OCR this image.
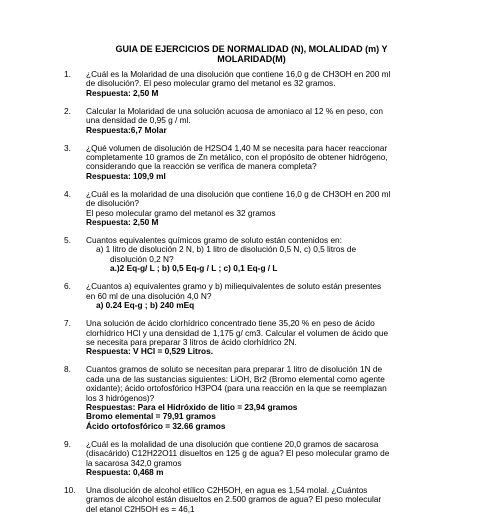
GUIA DE EJERCICIOS DE NORMALIDAD (N), MOLALIDAD (m) Y
MOLARIDAD(M)
1. ¿Cuál es la Molaridad de una disolución que contiene 16,0 g de CH3OH en 200 ml
de disolución?. El peso molecular gramo del metanol es 32 gramos.
Respuesta: 2,50 M
2. Calcular la Molaridad de una solución acuosa de amoniaco al 12 % en peso, con
una densidad de 0,95 g / ml.
Respuesta:6,7 Molar
3. ¿Qué volumen de disolución de H2SO4 1,40 M se necesita para hacer reaccionar
completamente 10 gramos de Zn metálico, con el propósito de obtener hidrógeno,
considerando que la reacción se verifica de manera completa?
Respuesta: 109,9 ml
4. ¿Cuál es la molaridad de una disolución que contiene 16,0 g de CH3OH en 200 ml
de disolución?
El peso molecular gramo del metanol es 32 gramos
Respuesta: 2,50 M
5. Cuantos equivalentes químicos gramo de soluto están contenidos en:
a) 1 litro de disolución 2 N, b) 1 litro de disolución 0,5 N, c) 0,5 litros de
disolución 0,2 N?
a.)2 Eq-g/ L ; b) 0,5 Eq-g / L ; c) 0,1 Eq-g / L
6. ¿Cuantos a) equivalentes gramo y b) miliequivalentes de soluto están presentes
en 60 ml de una disolución 4,0 N?
a) 0.24 Eq-g ; b) 240 mEq
7. Una solución de ácido clorhídrico concentrado tiene 35,20 % en peso de ácido
clorhídrico HCl y una densidad de 1,175 g/ cm3. Calcular el volumen de ácido que
se necesita para preparar 3 litros de ácido clorhídrico 2N.
Respuesta: V HCl = 0,529 Litros.
8. Cuantos gramos de soluto se necesitan para preparar 1 litro de disolución 1N de
cada una de las sustancias siguientes: LiOH, Br2 (Bromo elemental como agente
oxidante); ácido ortofosfórico H3PO4 (para una reacción en la que se reemplazan
los 3 hidrógenos)?
Respuestas: Para el Hidróxido de litio = 23,94 gramos
Bromo elemental = 79,91 gramos
Ácido ortofosfórico = 32.66 gramos
9. ¿Cuál es la molalidad de una disolución que contiene 20,0 gramos de sacarosa
(disacárido) C12H22O11 disueltos en 125 g de agua? El peso molecular gramo de
la sacarosa 342,0 gramos
Respuesta: 0,468 m
10. Una disolución de alcohol etílico C2H5OH, en agua es 1,54 molal. ¿Cuántos
gramos de alcohol están disueltos en 2.500 gramos de agua? El peso molecular
del etanol C2H5OH es = 46,1
